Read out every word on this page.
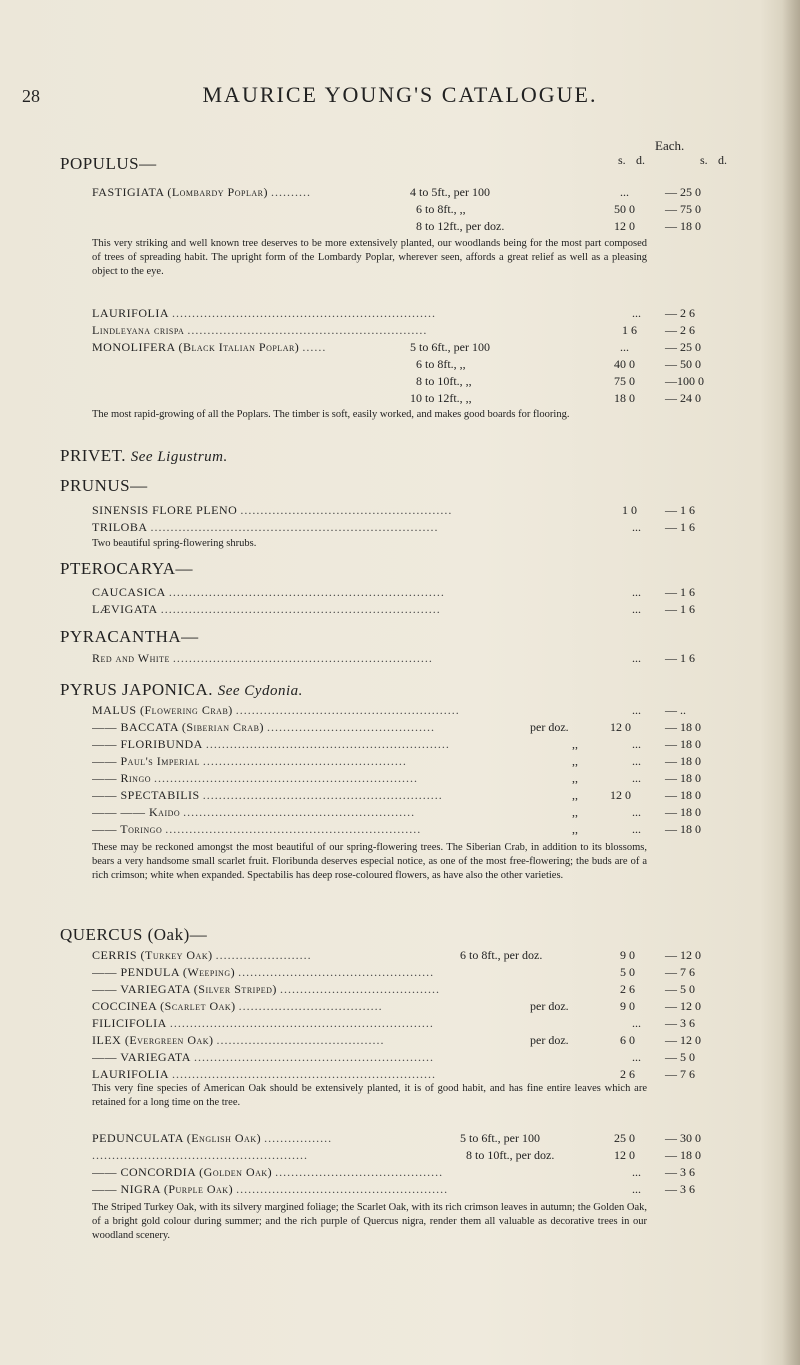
28	MAURICE YOUNG'S CATALOGUE.
Each.
s. d.	s. d.
POPULUS—
FASTIGIATA (Lombardy Poplar) ..........	4 to 5ft., per 100	...	— 25 0
6 to 8ft., ,,	50 0	— 75 0
8 to 12ft., per doz.	12 0	— 18 0
This very striking and well known tree deserves to be more extensively planted, our woodlands being for the most part composed of trees of spreading habit. The upright form of the Lombardy Poplar, wherever seen, affords a great relief as well as a pleasing object to the eye.
LAURIFOLIA ..................................................................	... — 2 6
Lindleyana crispa ............................................................	1 6 — 2 6
MONOLIFERA (Black Italian Poplar) ......	5 to 6ft., per 100	...	— 25 0
6 to 8ft., ,,	40 0	— 50 0
8 to 10ft., ,,	75 0	—100 0
10 to 12ft., ,,	18 0	— 24 0
The most rapid-growing of all the Poplars. The timber is soft, easily worked, and makes good boards for flooring.
PRIVET. See Ligustrum.
PRUNUS—
SINENSIS FLORE PLENO .....................................................	1 0 — 1 6
TRILOBA ........................................................................	... — 1 6
Two beautiful spring-flowering shrubs.
PTEROCARYA—
CAUCASICA .....................................................................	... — 1 6
LÆVIGATA ......................................................................	... — 1 6
PYRACANTHA—
Red and White .................................................................	... — 1 6
PYRUS JAPONICA. See Cydonia.
MALUS (Flowering Crab) ........................................................	... — ..
—— BACCATA (Siberian Crab) ..........................................	per doz.	12 0	— 18 0
—— FLORIBUNDA .............................................................	,,	... — 18 0
—— Paul's Imperial ...................................................	,,	... — 18 0
—— Ringo ..................................................................	,,	... — 18 0
—— SPECTABILIS ............................................................	,,	12 0	— 18 0
—— —— Kaido ..........................................................	,,	... — 18 0
—— Toringo ................................................................	,,	... — 18 0
These may be reckoned amongst the most beautiful of our spring-flowering trees. The Siberian Crab, in addition to its blossoms, bears a very handsome small scarlet fruit. Floribunda deserves especial notice, as one of the most free-flowering; the buds are of a rich crimson; white when expanded. Spectabilis has deep rose-coloured flowers, as have also the other varieties.
QUERCUS (Oak)—
CERRIS (Turkey Oak) ........................	6 to 8ft., per doz.	9 0	— 12 0
—— PENDULA (Weeping) .................................................	5 0	— 7 6
—— VARIEGATA (Silver Striped) ........................................	2 6	— 5 0
COCCINEA (Scarlet Oak) ....................................	per doz.	9 0	— 12 0
FILICIFOLIA ..................................................................	... — 3 6
ILEX (Evergreen Oak) ..........................................	per doz.	6 0	— 12 0
—— VARIEGATA ............................................................	... — 5 0
LAURIFOLIA ..................................................................	2 6	— 7 6
This very fine species of American Oak should be extensively planted, it is of good habit, and has fine entire leaves which are retained for a long time on the tree.
PEDUNCULATA (English Oak) .................	5 to 6ft., per 100	25 0	— 30 0
......................................................	8 to 10ft., per doz.	12 0	— 18 0
—— CONCORDIA (Golden Oak) ..........................................	... — 3 6
—— NIGRA (Purple Oak) .....................................................	... — 3 6
The Striped Turkey Oak, with its silvery margined foliage; the Scarlet Oak, with its rich crimson leaves in autumn; the Golden Oak, of a bright gold colour during summer; and the rich purple of Quercus nigra, render them all valuable as decorative trees in our woodland scenery.
